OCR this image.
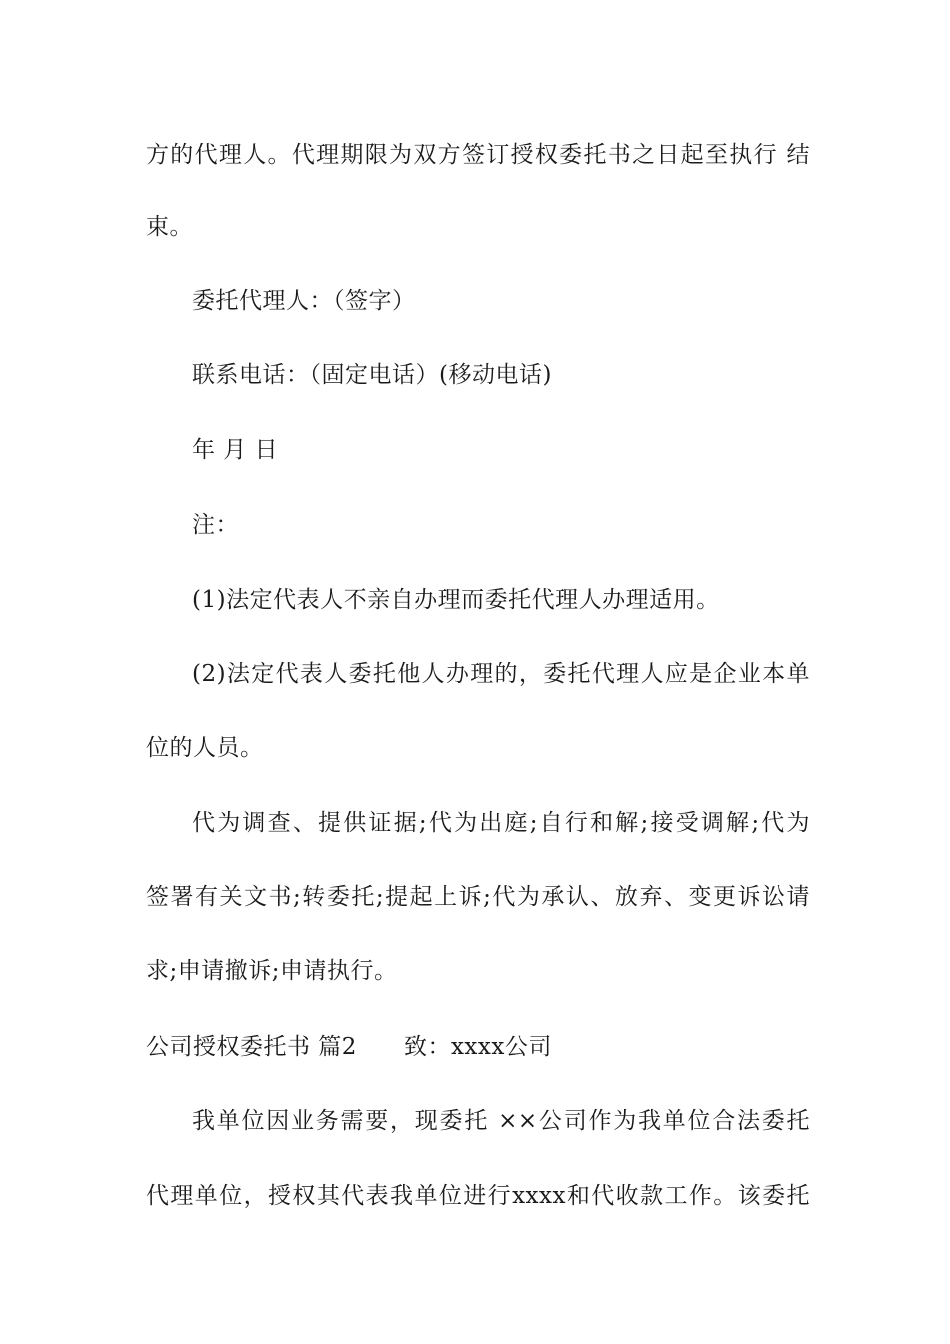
方的代理人。代理期限为双方签订授权委托书之日起至执行 结
束。
委托代理人：（签字）
联系电话：（固定电话）(移动电话)
年 月 日
注：
(1)法定代表人不亲自办理而委托代理人办理适用。
(2)法定代表人委托他人办理的，委托代理人应是企业本单
位的人员。
代为调查、提供证据;代为出庭;自行和解;接受调解;代为
签署有关文书;转委托;提起上诉;代为承认、放弃、变更诉讼请
求;申请撤诉;申请执行。
公司授权委托书 篇2　　致：xxxx公司
我单位因业务需要，现委托 ××公司作为我单位合法委托
代理单位，授权其代表我单位进行xxxx和代收款工作。该委托
